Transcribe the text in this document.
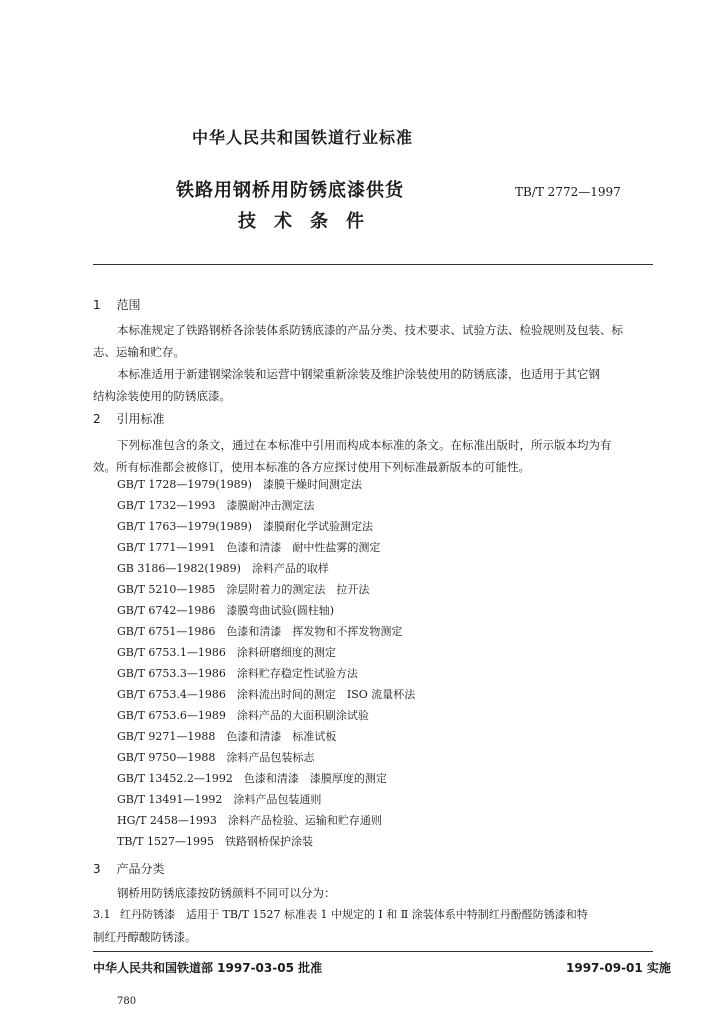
中华人民共和国铁道行业标准
铁路用钢桥用防锈底漆供货	TB/T 2772—1997
技　术　条　件
1 范围
本标准规定了铁路钢桥各涂装体系防锈底漆的产品分类、技术要求、试验方法、检验规则及包装、标
志、运输和贮存。
本标准适用于新建钢梁涂装和运营中钢梁重新涂装及维护涂装使用的防锈底漆，也适用于其它钢
结构涂装使用的防锈底漆。
2 引用标准
下列标准包含的条文，通过在本标准中引用而构成本标准的条文。在标准出版时，所示版本均为有
效。所有标准都会被修订，使用本标准的各方应探讨使用下列标准最新版本的可能性。
GB/T 1728—1979(1989)　 漆膜干燥时间测定法
GB/T 1732—1993　 漆膜耐冲击测定法
GB/T 1763—1979(1989)　 漆膜耐化学试验测定法
GB/T 1771—1991　 色漆和清漆　耐中性盐雾的测定
GB 3186—1982(1989)　 涂料产品的取样
GB/T 5210—1985　 涂层附着力的测定法　拉开法
GB/T 6742—1986　 漆膜弯曲试验(圆柱轴)
GB/T 6751—1986　 色漆和清漆　挥发物和不挥发物测定
GB/T 6753.1—1986　 涂料研磨细度的测定
GB/T 6753.3—1986　 涂料贮存稳定性试验方法
GB/T 6753.4—1986　 涂料流出时间的测定　ISO 流量杯法
GB/T 6753.6—1989　 涂料产品的大面积刷涂试验
GB/T 9271—1988　 色漆和清漆　标准试板
GB/T 9750—1988　 涂料产品包装标志
GB/T 13452.2—1992　 色漆和清漆　漆膜厚度的测定
GB/T 13491—1992　 涂料产品包装通则
HG/T 2458—1993　 涂料产品检验、运输和贮存通则
TB/T 1527—1995　 铁路钢桥保护涂装
3 产品分类
钢桥用防锈底漆按防锈颜料不同可以分为：
3.1 红丹防锈漆　适用于 TB/T 1527 标准表 1 中规定的 Ⅰ 和 Ⅱ 涂装体系中特制红丹酚醛防锈漆和特
制红丹醇酸防锈漆。
中华人民共和国铁道部 1997-03-05 批准	1997-09-01 实施
780
